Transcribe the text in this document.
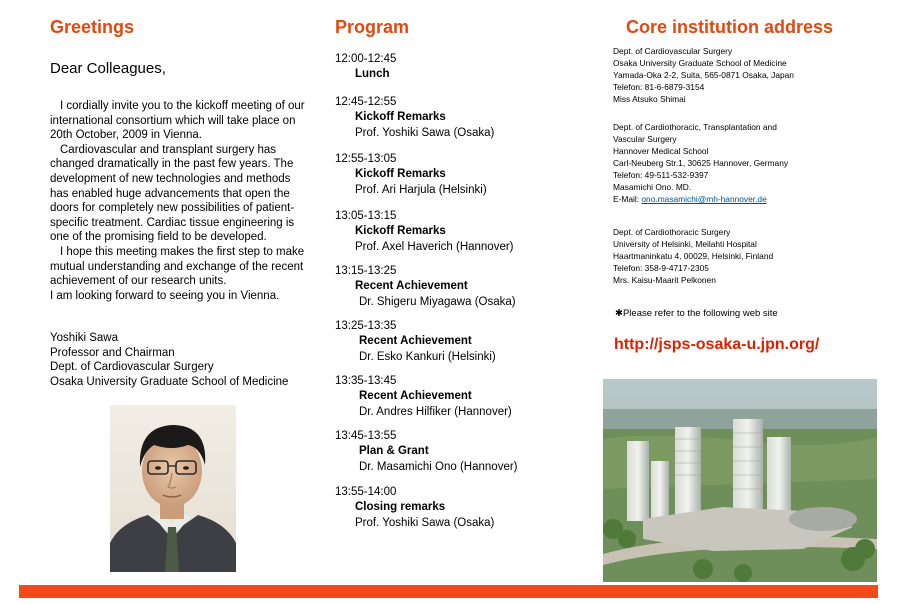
Greetings
Dear Colleagues,

I cordially invite you to the kickoff meeting of our international consortium which will take place on 20th October, 2009 in Vienna.

Cardiovascular and transplant surgery has changed dramatically in the past few years. The development of new technologies and methods has enabled huge advancements that open the doors for completely new possibilities of patient-specific treatment. Cardiac tissue engineering is one of the promising field to be developed.

I hope this meeting makes the first step to make mutual understanding and exchange of the recent achievement of our research units.

I am looking forward to seeing you in Vienna.

Yoshiki Sawa
Professor and Chairman
Dept. of Cardiovascular Surgery
Osaka University Graduate School of Medicine
Program
12:00-12:45
Lunch
12:45-12:55
Kickoff Remarks
Prof. Yoshiki Sawa (Osaka)
12:55-13:05
Kickoff Remarks
Prof. Ari Harjula (Helsinki)
13:05-13:15
Kickoff Remarks
Prof. Axel Haverich (Hannover)
13:15-13:25
Recent Achievement
Dr. Shigeru Miyagawa (Osaka)
13:25-13:35
Recent Achievement
Dr. Esko Kankuri (Helsinki)
13:35-13:45
Recent Achievement
Dr. Andres Hilfiker (Hannover)
13:45-13:55
Plan & Grant
Dr. Masamichi Ono (Hannover)
13:55-14:00
Closing remarks
Prof. Yoshiki Sawa (Osaka)
Core institution address
Dept. of Cardiovascular Surgery
Osaka University Graduate School of Medicine
Yamada-Oka 2-2, Suita, 565-0871 Osaka, Japan
Telefon: 81-6-6879-3154
Miss Atsuko Shimai
Dept. of Cardiothoracic, Transplantation and
Vascular Surgery
Hannover Medical School
Carl-Neuberg Str.1, 30625 Hannover, Germany
Telefon: 49-511-532-9397
Masamichi Ono. MD.
E-Mail: ono.masamichi@mh-hannover.de
Dept. of Cardiothoracic Surgery
University of Helsinki, Meilahti Hospital
Haartmaninkatu 4, 00029, Helsinki, Finland
Telefon: 358-9-4717-2305
Mrs. Kaisu-Maarit Pelkonen
✱Please refer to the following web site
http://jsps-osaka-u.jpn.org/
